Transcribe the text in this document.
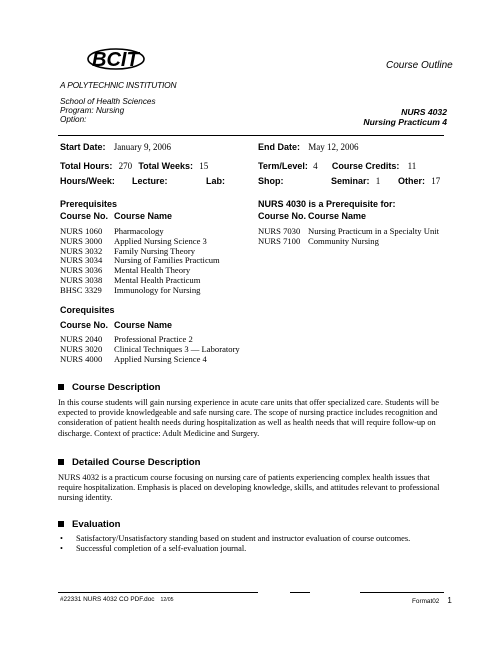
BCIT
A POLYTECHNIC INSTITUTION
Course Outline
School of Health Sciences
Program: Nursing
Option:
NURS 4032
Nursing Practicum 4
Start Date: January 9, 2006	End Date: May 12, 2006
Total Hours: 270 Total Weeks: 15	Term/Level: 4 Course Credits: 11
Hours/Week: Lecture:	Lab:	Shop:	Seminar: 1 Other: 17
Prerequisites
Course No. Course Name
NURS 1060 Pharmacology
NURS 3000 Applied Nursing Science 3
NURS 3032 Family Nursing Theory
NURS 3034 Nursing of Families Practicum
NURS 3036 Mental Health Theory
NURS 3038 Mental Health Practicum
BHSC 3329 Immunology for Nursing
NURS 4030 is a Prerequisite for:
Course No. Course Name
NURS 7030 Nursing Practicum in a Specialty Unit
NURS 7100 Community Nursing
Corequisites
Course No. Course Name
NURS 2040 Professional Practice 2
NURS 3020 Clinical Techniques 3 — Laboratory
NURS 4000 Applied Nursing Science 4
Course Description
In this course students will gain nursing experience in acute care units that offer specialized care. Students will be expected to provide knowledgeable and safe nursing care. The scope of nursing practice includes recognition and consideration of patient health needs during hospitalization as well as health needs that will require follow-up on discharge. Context of practice: Adult Medicine and Surgery.
Detailed Course Description
NURS 4032 is a practicum course focusing on nursing care of patients experiencing complex health issues that require hospitalization. Emphasis is placed on developing knowledge, skills, and attitudes relevant to professional nursing identity.
Evaluation
• Satisfactory/Unsatisfactory standing based on student and instructor evaluation of course outcomes.
• Successful completion of a self-evaluation journal.
#22331 NURS 4032 CO PDF.doc 12/05	Format02 1
